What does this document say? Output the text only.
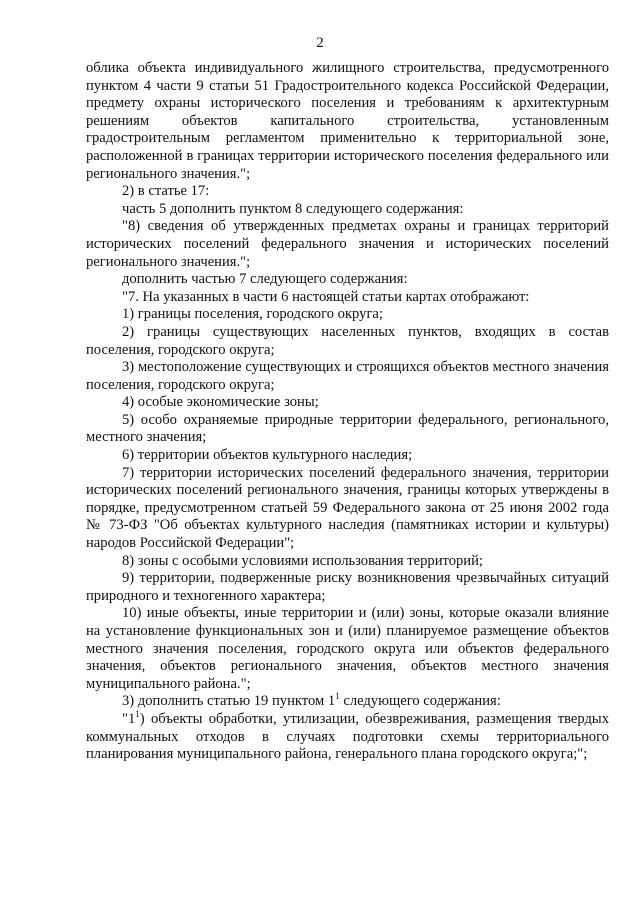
2

облика объекта индивидуального жилищного строительства, предусмотренного пунктом 4 части 9 статьи 51 Градостроительного кодекса Российской Федерации, предмету охраны исторического поселения и требованиям к архитектурным решениям объектов капитального строительства, установленным градостроительным регламентом применительно к территориальной зоне, расположенной в границах территории исторического поселения федерального или регионального значения.";

2) в статье 17:

часть 5 дополнить пунктом 8 следующего содержания:

"8) сведения об утвержденных предметах охраны и границах территорий исторических поселений федерального значения и исторических поселений регионального значения.";

дополнить частью 7 следующего содержания:

"7. На указанных в части 6 настоящей статьи картах отображают:

1) границы поселения, городского округа;

2) границы существующих населенных пунктов, входящих в состав поселения, городского округа;

3) местоположение существующих и строящихся объектов местного значения поселения, городского округа;

4) особые экономические зоны;

5) особо охраняемые природные территории федерального, регионального, местного значения;

6) территории объектов культурного наследия;

7) территории исторических поселений федерального значения, территории исторических поселений регионального значения, границы которых утверждены в порядке, предусмотренном статьей 59 Федерального закона от 25 июня 2002 года № 73-ФЗ "Об объектах культурного наследия (памятниках истории и культуры) народов Российской Федерации";

8) зоны с особыми условиями использования территорий;

9) территории, подверженные риску возникновения чрезвычайных ситуаций природного и техногенного характера;

10) иные объекты, иные территории и (или) зоны, которые оказали влияние на установление функциональных зон и (или) планируемое размещение объектов местного значения поселения, городского округа или объектов федерального значения, объектов регионального значения, объектов местного значения муниципального района.";

3) дополнить статью 19 пунктом $1^1$ следующего содержания:

"$1^1$) объекты обработки, утилизации, обезвреживания, размещения твердых коммунальных отходов в случаях подготовки схемы территориального планирования муниципального района, генерального плана городского округа;";
